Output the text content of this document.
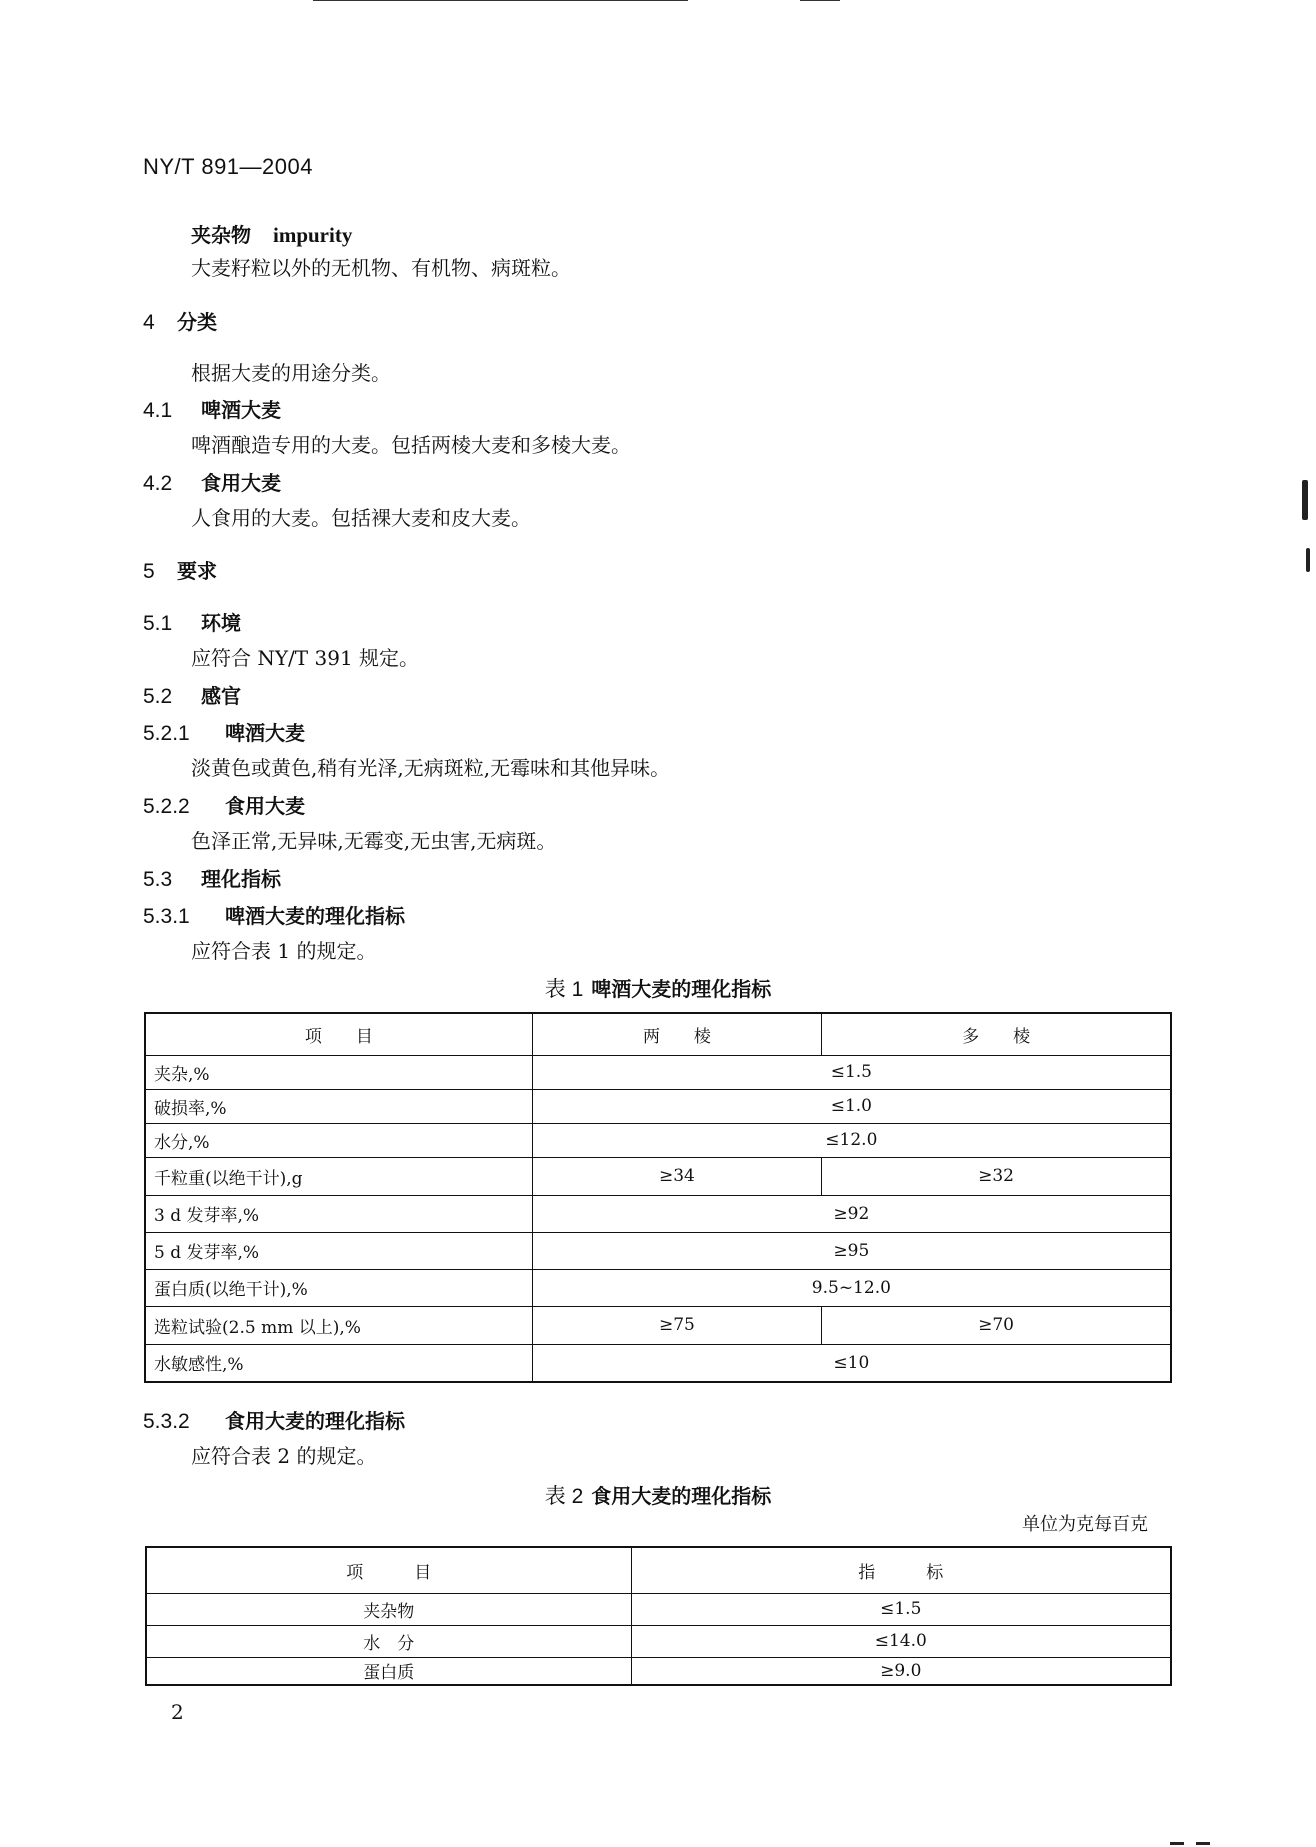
NY/T 891—2004
夹杂物 impurity
大麦籽粒以外的无机物、有机物、病斑粒。
4 分类
根据大麦的用途分类。
4.1 啤酒大麦
啤酒酿造专用的大麦。包括两棱大麦和多棱大麦。
4.2 食用大麦
人食用的大麦。包括裸大麦和皮大麦。
5 要求
5.1 环境
应符合 NY/T 391 规定。
5.2 感官
5.2.1 啤酒大麦
淡黄色或黄色,稍有光泽,无病斑粒,无霉味和其他异味。
5.2.2 食用大麦
色泽正常,无异味,无霉变,无虫害,无病斑。
5.3 理化指标
5.3.1 啤酒大麦的理化指标
应符合表 1 的规定。
表 1 啤酒大麦的理化指标
项　　目	两　　棱	多　　棱
夹杂,%	≤1.5	
破损率,%	≤1.0	
水分,%	≤12.0	
千粒重(以绝干计),g	≥34	≥32
3 d 发芽率,%	≥92	
5 d 发芽率,%	≥95	
蛋白质(以绝干计),%	9.5~12.0	
选粒试验(2.5 mm 以上),%	≥75	≥70
水敏感性,%	≤10	
5.3.2 食用大麦的理化指标
应符合表 2 的规定。
表 2 食用大麦的理化指标
单位为克每百克
项　　　目	指　　　标
夹杂物	≤1.5
水　分	≤14.0
蛋白质	≥9.0
2
